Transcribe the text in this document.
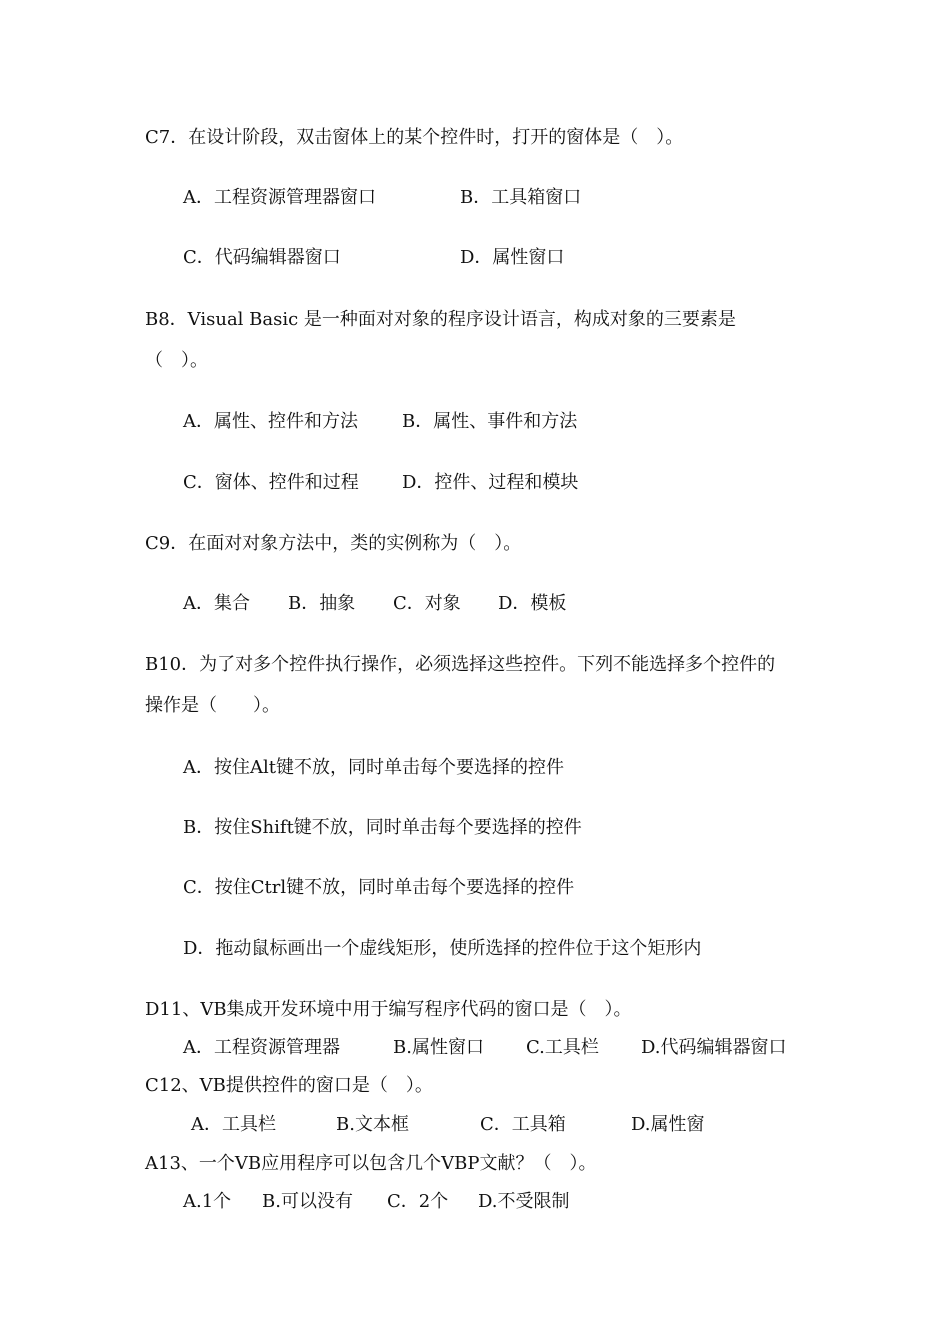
C7．在设计阶段，双击窗体上的某个控件时，打开的窗体是（　）。
A．工程资源管理器窗口	B．工具箱窗口
C．代码编辑器窗口	D．属性窗口
B8．Visual Basic 是一种面对对象的程序设计语言，构成对象的三要素是
（　）。
A．属性、控件和方法 B．属性、事件和方法
C．窗体、控件和过程 D．控件、过程和模块
C9．在面对对象方法中，类的实例称为（　）。
A．集合 B．抽象 C．对象 D．模板
B10．为了对多个控件执行操作，必须选择这些控件。下列不能选择多个控件的
操作是（　　）。
A．按住Alt键不放，同时单击每个要选择的控件
B．按住Shift键不放，同时单击每个要选择的控件
C．按住Ctrl键不放，同时单击每个要选择的控件
D．拖动鼠标画出一个虚线矩形，使所选择的控件位于这个矩形内
D11、VB集成开发环境中用于编写程序代码的窗口是（　）。
A．工程资源管理器	B.属性窗口 C.工具栏 D.代码编辑器窗口
C12、VB提供控件的窗口是（　）。
A．工具栏	B.文本框	C．工具箱	D.属性窗
A13、一个VB应用程序可以包含几个VBP文献？（　）。
A.1个 B.可以没有 C．2个 D.不受限制
